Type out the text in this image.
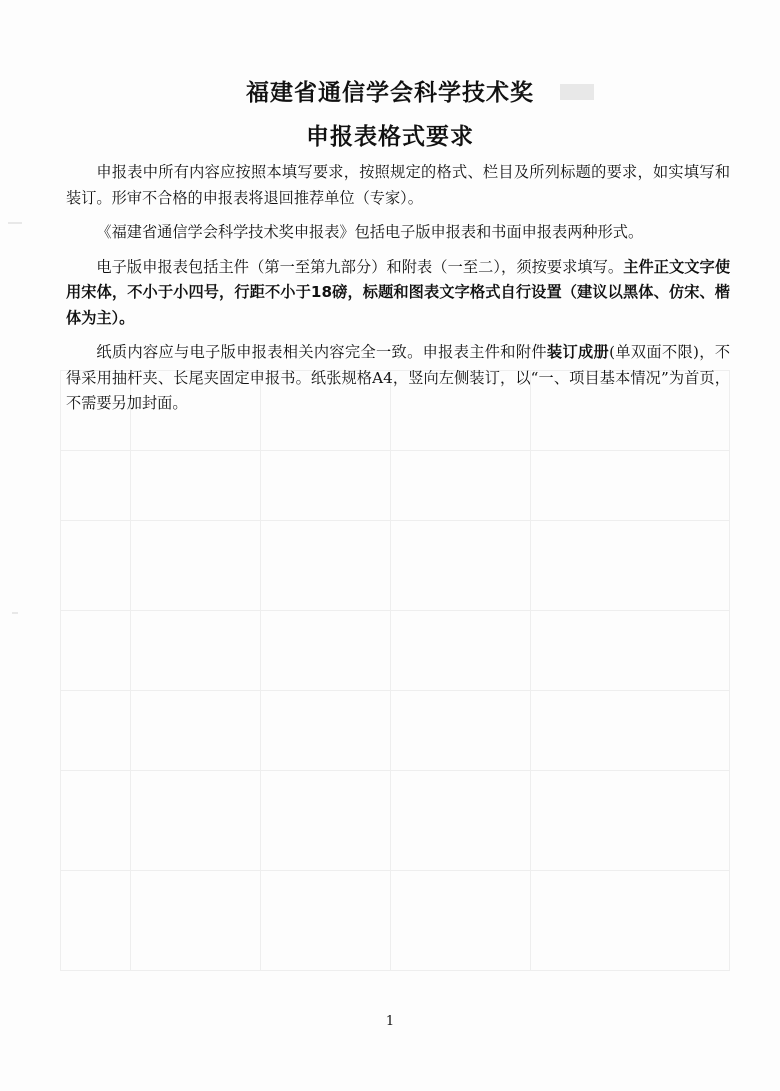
福建省通信学会科学技术奖
申报表格式要求

申报表中所有内容应按照本填写要求，按照规定的格式、栏目及所列标题的要求，如实填写和装订。形审不合格的申报表将退回推荐单位（专家）。

《福建省通信学会科学技术奖申报表》包括电子版申报表和书面申报表两种形式。

电子版申报表包括主件（第一至第九部分）和附表（一至二），须按要求填写。主件正文文字使用宋体，不小于小四号，行距不小于18磅，标题和图表文字格式自行设置（建议以黑体、仿宋、楷体为主）。

纸质内容应与电子版申报表相关内容完全一致。申报表主件和附件装订成册(单双面不限)，不得采用抽杆夹、长尾夹固定申报书。纸张规格A4，竖向左侧装订，以“一、项目基本情况”为首页，不需要另加封面。

1
